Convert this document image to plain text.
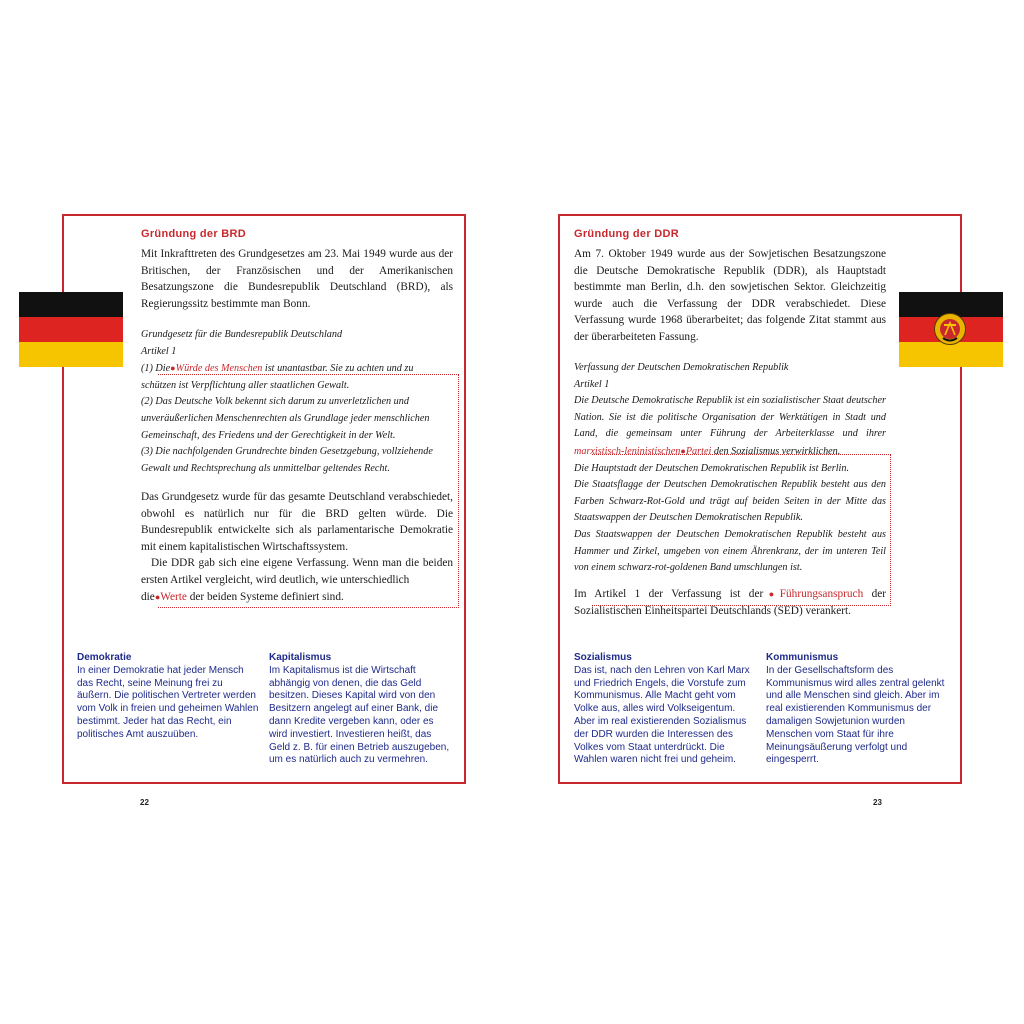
Gründung der BRD

Mit Inkrafttreten des Grundgesetzes am 23. Mai 1949 wurde aus der Britischen, der Französischen und der Amerikanischen Besatzungszone die Bundesrepublik Deutschland (BRD), als Regierungssitz bestimmte man Bonn.

Grundgesetz für die Bundesrepublik Deutschland

Artikel 1

(1) Die●Würde des Menschen ist unantastbar. Sie zu achten und zu schützen ist Verpflichtung aller staatlichen Gewalt.

(2) Das Deutsche Volk bekennt sich darum zu unverletzlichen und unveräußerlichen Menschenrechten als Grundlage jeder menschlichen Gemeinschaft, des Friedens und der Gerechtigkeit in der Welt.

(3) Die nachfolgenden Grundrechte binden Gesetzgebung, vollziehende Gewalt und Rechtsprechung als unmittelbar geltendes Recht.

Das Grundgesetz wurde für das gesamte Deutschland verabschiedet, obwohl es natürlich nur für die BRD gelten würde. Die Bundesrepublik entwickelte sich als parlamentarische Demokratie mit einem kapitalistischen Wirtschaftssystem.

Die DDR gab sich eine eigene Verfassung. Wenn man die beiden ersten Artikel vergleicht, wird deutlich, wie unterschiedlich

die●Werte der beiden Systeme definiert sind.

Demokratie
In einer Demokratie hat jeder Mensch das Recht, seine Meinung frei zu äußern. Die politischen Vertreter werden vom Volk in freien und geheimen Wahlen bestimmt. Jeder hat das Recht, ein politisches Amt auszuüben.
Kapitalismus
Im Kapitalismus ist die Wirtschaft abhängig von denen, die das Geld besitzen. Dieses Kapital wird von den Besitzern angelegt auf einer Bank, die dann Kredite vergeben kann, oder es wird investiert. Investieren heißt, das Geld z. B. für einen Betrieb auszugeben, um es natürlich auch zu vermehren.
22
Gründung der DDR

Am 7. Oktober 1949 wurde aus der Sowjetischen Besatzungszone die Deutsche Demokratische Republik (DDR), als Hauptstadt bestimmte man Berlin, d.h. den sowjetischen Sektor. Gleichzeitig wurde auch die Verfassung der DDR verabschiedet. Diese Verfassung wurde 1968 überarbeitet; das folgende Zitat stammt aus der überarbeiteten Fassung.

Verfassung der Deutschen Demokratischen Republik

Artikel 1

Die Deutsche Demokratische Republik ist ein sozialistischer Staat deutscher Nation. Sie ist die politische Organisation der Werktätigen in Stadt und Land, die gemeinsam unter Führung der Arbeiterklasse und ihrer marxistisch-leninistischen●Partei den Sozialismus verwirklichen.

Die Hauptstadt der Deutschen Demokratischen Republik ist Berlin.

Die Staatsflagge der Deutschen Demokratischen Republik besteht aus den Farben Schwarz-Rot-Gold und trägt auf beiden Seiten in der Mitte das Staatswappen der Deutschen Demokratischen Republik.

Das Staatswappen der Deutschen Demokratischen Republik besteht aus Hammer und Zirkel, umgeben von einem Ährenkranz, der im unteren Teil von einem schwarz-rot-goldenen Band umschlungen ist.

Im Artikel 1 der Verfassung ist der●Führungsanspruch der Sozialistischen Einheitspartei Deutschlands (SED) verankert.

Sozialismus
Das ist, nach den Lehren von Karl Marx und Friedrich Engels, die Vorstufe zum Kommunismus. Alle Macht geht vom Volke aus, alles wird Volkseigentum. Aber im real existierenden Sozialismus der DDR wurden die Interessen des Volkes vom Staat unterdrückt. Die Wahlen waren nicht frei und geheim.
Kommunismus
In der Gesellschaftsform des Kommunismus wird alles zentral gelenkt und alle Menschen sind gleich. Aber im real existierenden Kommunismus der damaligen Sowjetunion wurden Menschen vom Staat für ihre Meinungsäußerung verfolgt und eingesperrt.
23
